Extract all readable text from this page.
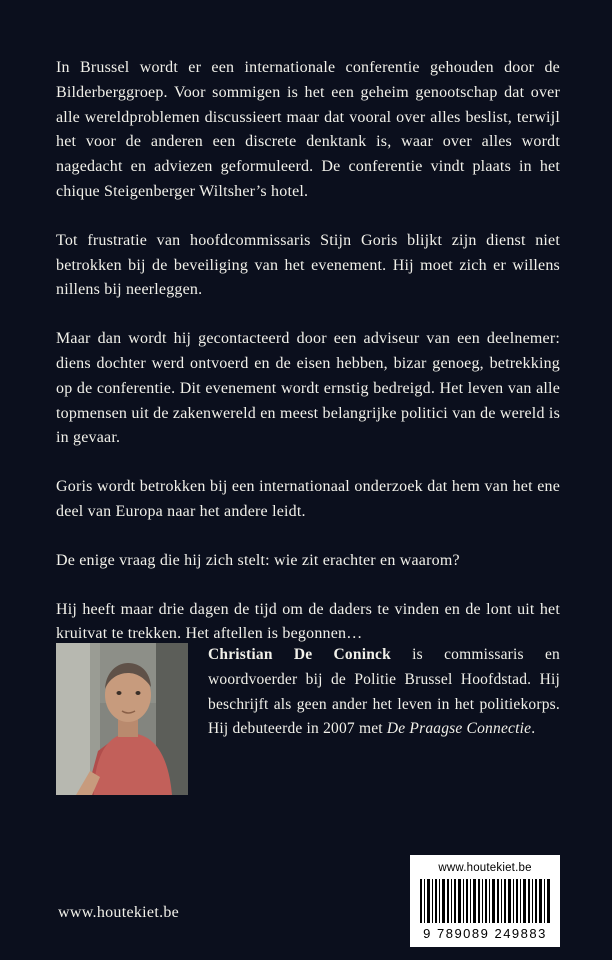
In Brussel wordt er een internationale conferentie gehouden door de Bilderberggroep. Voor sommigen is het een geheim genootschap dat over alle wereldproblemen discussieert maar dat vooral over alles beslist, terwijl het voor de anderen een discrete denktank is, waar over alles wordt nagedacht en adviezen geformuleerd. De conferentie vindt plaats in het chique Steigenberger Wiltsher’s hotel.

Tot frustratie van hoofdcommissaris Stijn Goris blijkt zijn dienst niet betrokken bij de beveiliging van het evenement. Hij moet zich er willens nillens bij neerleggen.

Maar dan wordt hij gecontacteerd door een adviseur van een deelnemer: diens dochter werd ontvoerd en de eisen hebben, bizar genoeg, betrekking op de conferentie. Dit evenement wordt ernstig bedreigd. Het leven van alle topmensen uit de zakenwereld en meest belangrijke politici van de wereld is in gevaar.

Goris wordt betrokken bij een internationaal onderzoek dat hem van het ene deel van Europa naar het andere leidt.

De enige vraag die hij zich stelt: wie zit erachter en waarom?

Hij heeft maar drie dagen de tijd om de daders te vinden en de lont uit het kruitvat te trekken. Het aftellen is begonnen…

Christian De Coninck is commissaris en woordvoerder bij de Politie Brussel Hoofdstad. Hij beschrijft als geen ander het leven in het politiekorps. Hij debuteerde in 2007 met De Praagse Connectie.

www.houtekiet.be
www.houtekiet.be
9 789089 249883
